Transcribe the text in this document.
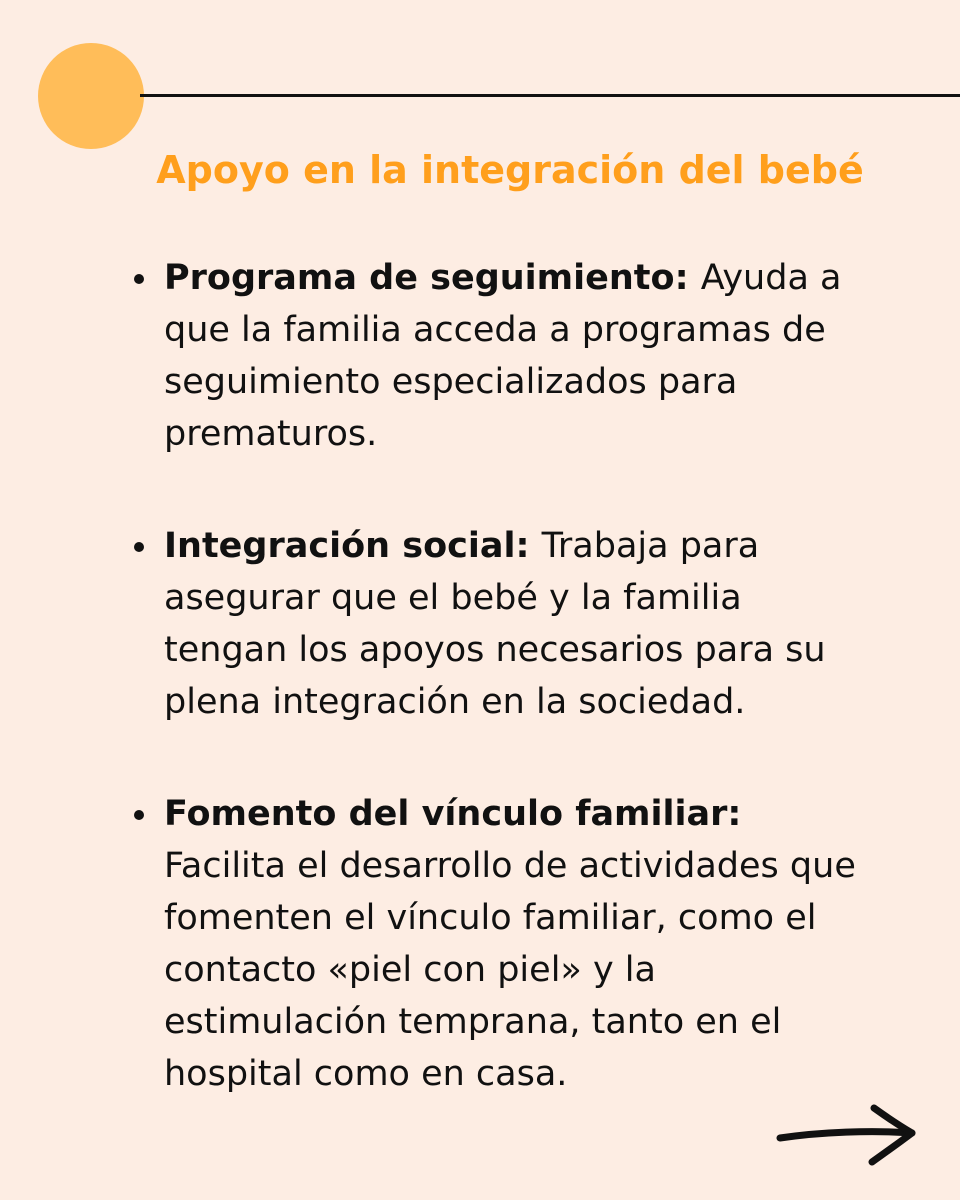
Apoyo en la integración del bebé
Programa de seguimiento: Ayuda a que la familia acceda a programas de seguimiento especializados para prematuros.
Integración social: Trabaja para asegurar que el bebé y la familia tengan los apoyos necesarios para su plena integración en la sociedad.
Fomento del vínculo familiar: Facilita el desarrollo de actividades que fomenten el vínculo familiar, como el contacto «piel con piel» y la estimulación temprana, tanto en el hospital como en casa.
